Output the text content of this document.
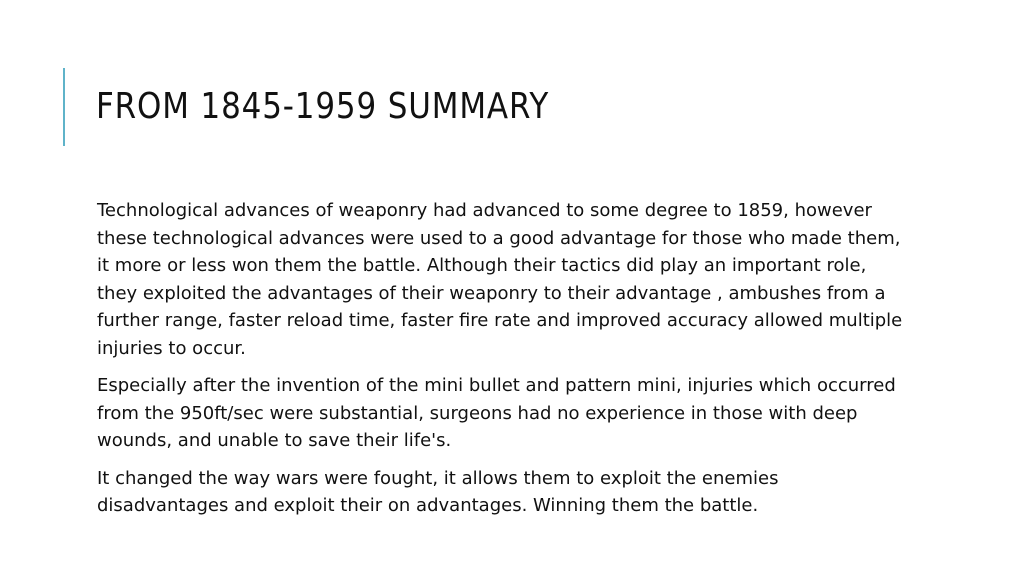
FROM 1845-1959 SUMMARY

Technological advances of weaponry had advanced to some degree to 1859, however these technological advances were used to a good advantage for those who made them, it more or less won them the battle. Although their tactics did play an important role, they exploited the advantages of their weaponry to their advantage , ambushes from a further range, faster reload time, faster fire rate and improved accuracy allowed multiple injuries to occur.

Especially after the invention of the mini bullet and pattern mini, injuries which occurred from the 950ft/sec were substantial, surgeons had no experience in those with deep wounds, and unable to save their life's.

It changed the way wars were fought, it allows them to exploit the enemies disadvantages and exploit their on advantages. Winning them the battle.
